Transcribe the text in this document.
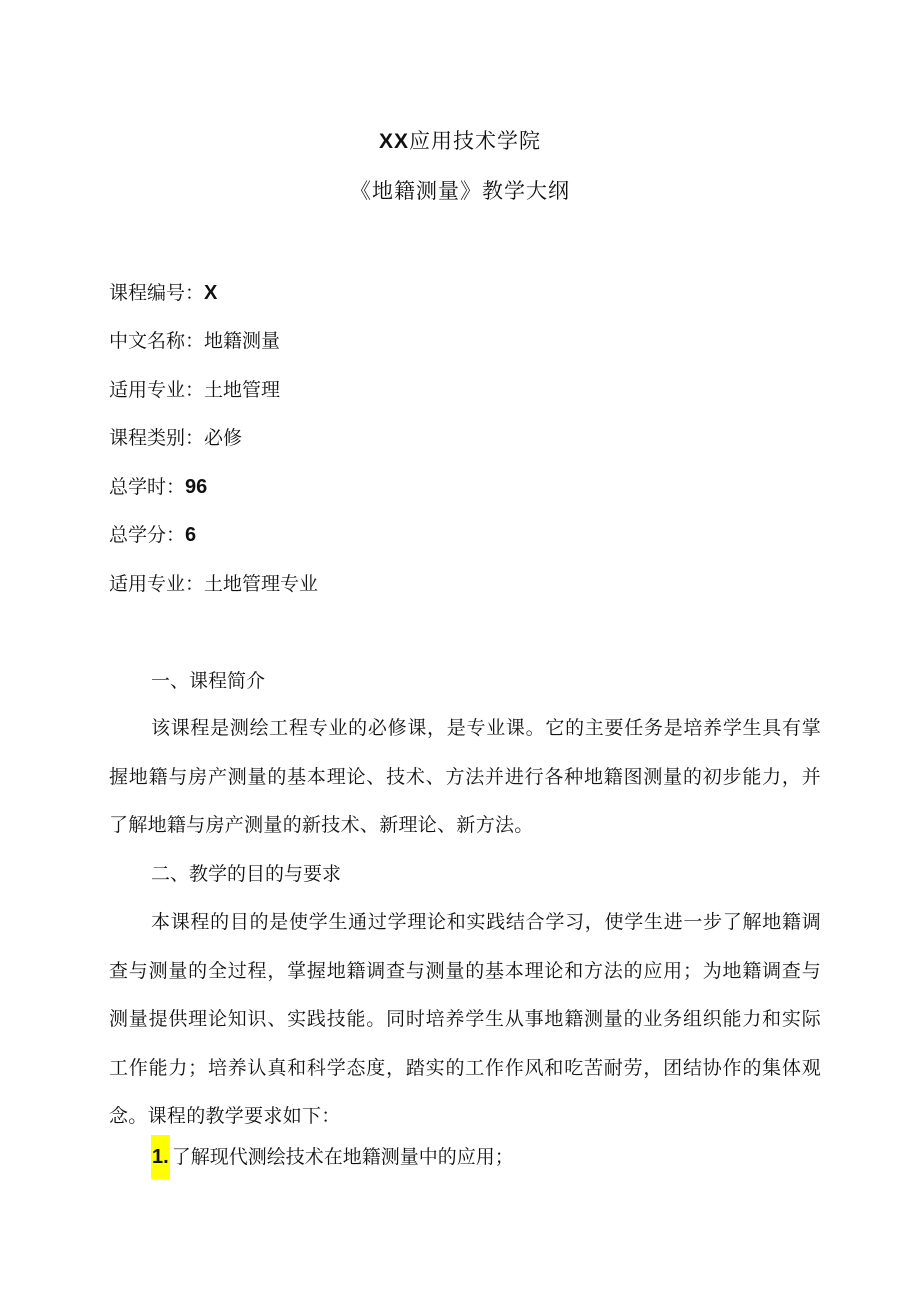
XX应用技术学院
《地籍测量》教学大纲
课程编号：X
中文名称：地籍测量
适用专业：土地管理
课程类别：必修
总学时：96
总学分：6
适用专业：土地管理专业
一、课程简介
该课程是测绘工程专业的必修课，是专业课。它的主要任务是培养学生具有掌握地籍与房产测量的基本理论、技术、方法并进行各种地籍图测量的初步能力，并了解地籍与房产测量的新技术、新理论、新方法。
二、教学的目的与要求
本课程的目的是使学生通过学理论和实践结合学习，使学生进一步了解地籍调查与测量的全过程，掌握地籍调查与测量的基本理论和方法的应用；为地籍调查与测量提供理论知识、实践技能。同时培养学生从事地籍测量的业务组织能力和实际工作能力；培养认真和科学态度，踏实的工作作风和吃苦耐劳，团结协作的集体观念。课程的教学要求如下：
1. 了解现代测绘技术在地籍测量中的应用；
